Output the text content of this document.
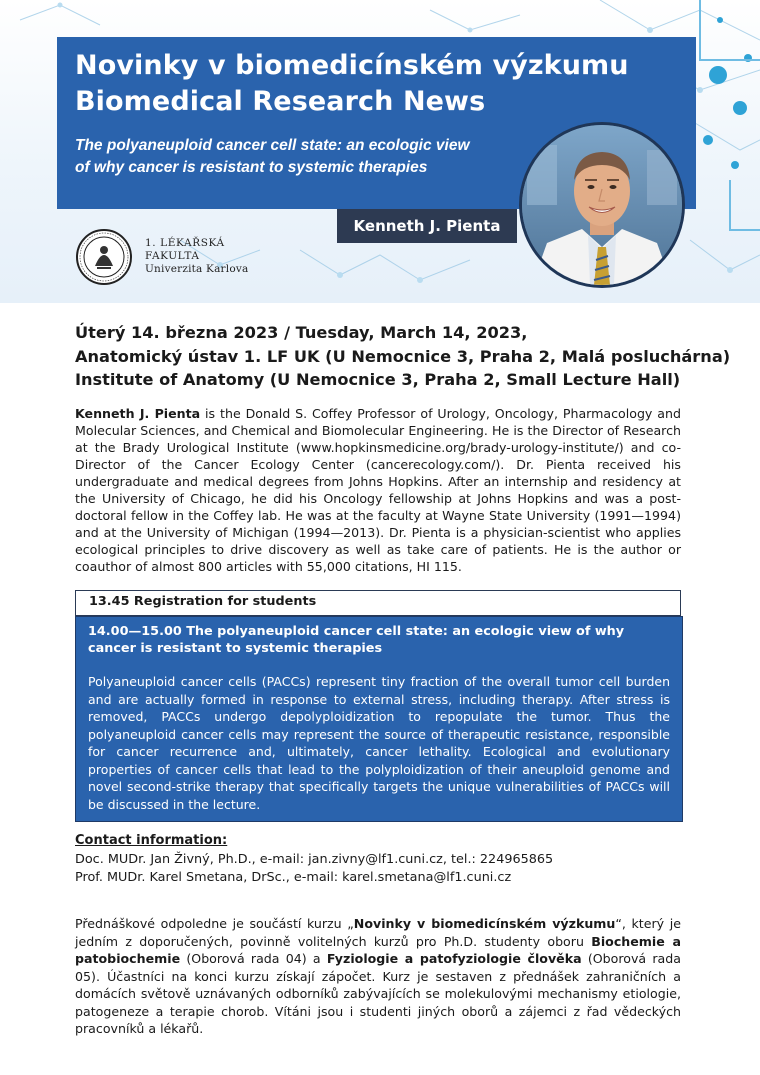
Novinky v biomedicínském výzkumu
Biomedical Research News
The polyaneuploid cancer cell state: an ecologic view
of why cancer is resistant to systemic therapies
Kenneth J. Pienta
1. LÉKAŘSKÁ
FAKULTA
Univerzita Karlova
Úterý 14. března 2023 / Tuesday, March 14, 2023,
Anatomický ústav 1. LF UK (U Nemocnice 3, Praha 2, Malá posluchárna)
Institute of Anatomy (U Nemocnice 3, Praha 2, Small Lecture Hall)

Kenneth J. Pienta is the Donald S. Coffey Professor of Urology, Oncology, Pharmacology and Molecular Sciences, and Chemical and Biomolecular Engineering. He is the Director of Research at the Brady Urological Institute (www.hopkinsmedicine.org/brady-urology-institute/) and co-Director of the Cancer Ecology Center (cancerecology.com/). Dr. Pienta received his undergraduate and medical degrees from Johns Hopkins. After an internship and residency at the University of Chicago, he did his Oncology fellowship at Johns Hopkins and was a post-doctoral fellow in the Coffey lab. He was at the faculty at Wayne State University (1991—1994) and at the University of Michigan (1994—2013). Dr. Pienta is a physician-scientist who applies ecological principles to drive discovery as well as take care of patients. He is the author or coauthor of almost 800 articles with 55,000 citations, HI 115.

13.45 Registration for students

14.00—15.00 The polyaneuploid cancer cell state: an ecologic view of why cancer is resistant to systemic therapies

Polyaneuploid cancer cells (PACCs) represent tiny fraction of the overall tumor cell burden and are actually formed in response to external stress, including therapy. After stress is removed, PACCs undergo depolyploidization to repopulate the tumor. Thus the polyaneuploid cancer cells may represent the source of therapeutic resistance, responsible for cancer recurrence and, ultimately, cancer lethality. Ecological and evolutionary properties of cancer cells that lead to the polyploidization of their aneuploid genome and novel second-strike therapy that specifically targets the unique vulnerabilities of PACCs will be discussed in the lecture.

Contact information:
Doc. MUDr. Jan Živný, Ph.D., e-mail: jan.zivny@lf1.cuni.cz, tel.: 224965865
Prof. MUDr. Karel Smetana, DrSc., e-mail: karel.smetana@lf1.cuni.cz

Přednáškové odpoledne je součástí kurzu „Novinky v biomedicínském výzkumu“, který je jedním z doporučených, povinně volitelných kurzů pro Ph.D. studenty oboru Biochemie a patobiochemie (Oborová rada 04) a Fyziologie a patofyziologie člověka (Oborová rada 05). Účastníci na konci kurzu získají zápočet. Kurz je sestaven z přednášek zahraničních a domácích světově uznávaných odborníků zabývajících se molekulovými mechanismy etiologie, patogeneze a terapie chorob. Vítáni jsou i studenti jiných oborů a zájemci z řad vědeckých pracovníků a lékařů.
